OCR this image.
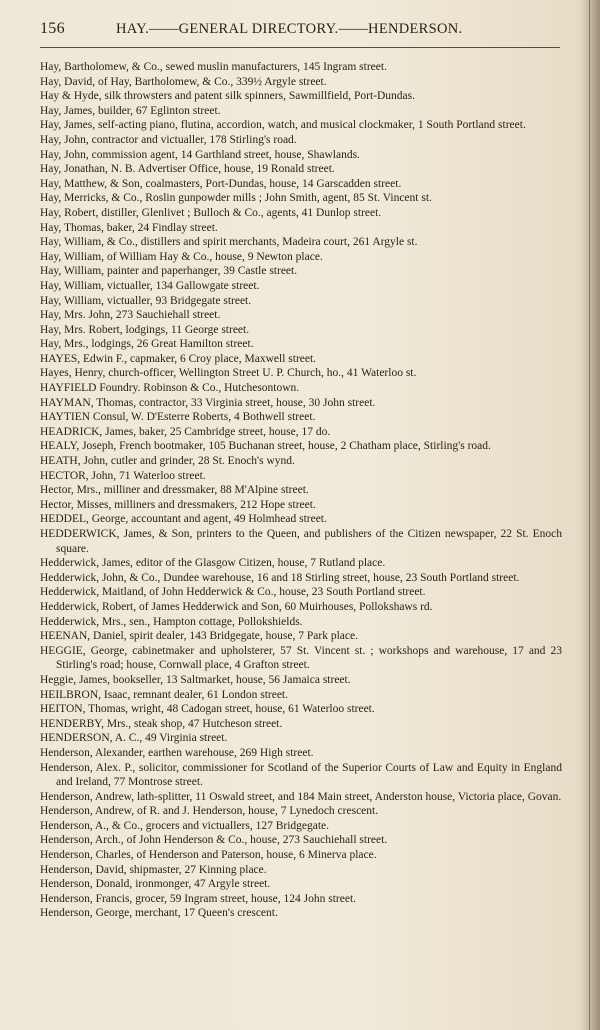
156	HAY.——GENERAL DIRECTORY.——HENDERSON.
Hay, Bartholomew, & Co., sewed muslin manufacturers, 145 Ingram street.
Hay, David, of Hay, Bartholomew, & Co., 339½ Argyle street.
Hay & Hyde, silk throwsters and patent silk spinners, Sawmillfield, Port-Dundas.
Hay, James, builder, 67 Eglinton street.
Hay, James, self-acting piano, flutina, accordion, watch, and musical clockmaker, 1 South Portland street.
Hay, John, contractor and victualler, 178 Stirling's road.
Hay, John, commission agent, 14 Garthland street, house, Shawlands.
Hay, Jonathan, N. B. Advertiser Office, house, 19 Ronald street.
Hay, Matthew, & Son, coalmasters, Port-Dundas, house, 14 Garscadden street.
Hay, Merricks, & Co., Roslin gunpowder mills ; John Smith, agent, 85 St. Vincent st.
Hay, Robert, distiller, Glenlivet ; Bulloch & Co., agents, 41 Dunlop street.
Hay, Thomas, baker, 24 Findlay street.
Hay, William, & Co., distillers and spirit merchants, Madeira court, 261 Argyle st.
Hay, William, of William Hay & Co., house, 9 Newton place.
Hay, William, painter and paperhanger, 39 Castle street.
Hay, William, victualler, 134 Gallowgate street.
Hay, William, victualler, 93 Bridgegate street.
Hay, Mrs. John, 273 Sauchiehall street.
Hay, Mrs. Robert, lodgings, 11 George street.
Hay, Mrs., lodgings, 26 Great Hamilton street.
HAYES, Edwin F., capmaker, 6 Croy place, Maxwell street.
Hayes, Henry, church-officer, Wellington Street U. P. Church, ho., 41 Waterloo st.
HAYFIELD Foundry. Robinson & Co., Hutchesontown.
HAYMAN, Thomas, contractor, 33 Virginia street, house, 30 John street.
HAYTIEN Consul, W. D'Esterre Roberts, 4 Bothwell street.
HEADRICK, James, baker, 25 Cambridge street, house, 17 do.
HEALY, Joseph, French bootmaker, 105 Buchanan street, house, 2 Chatham place, Stirling's road.
HEATH, John, cutler and grinder, 28 St. Enoch's wynd.
HECTOR, John, 71 Waterloo street.
Hector, Mrs., milliner and dressmaker, 88 M'Alpine street.
Hector, Misses, milliners and dressmakers, 212 Hope street.
HEDDEL, George, accountant and agent, 49 Holmhead street.
HEDDERWICK, James, & Son, printers to the Queen, and publishers of the Citizen newspaper, 22 St. Enoch square.
Hedderwick, James, editor of the Glasgow Citizen, house, 7 Rutland place.
Hedderwick, John, & Co., Dundee warehouse, 16 and 18 Stirling street, house, 23 South Portland street.
Hedderwick, Maitland, of John Hedderwick & Co., house, 23 South Portland street.
Hedderwick, Robert, of James Hedderwick and Son, 60 Muirhouses, Pollokshaws rd.
Hedderwick, Mrs., sen., Hampton cottage, Pollokshields.
HEENAN, Daniel, spirit dealer, 143 Bridgegate, house, 7 Park place.
HEGGIE, George, cabinetmaker and upholsterer, 57 St. Vincent st. ; workshops and warehouse, 17 and 23 Stirling's road; house, Cornwall place, 4 Grafton street.
Heggie, James, bookseller, 13 Saltmarket, house, 56 Jamaica street.
HEILBRON, Isaac, remnant dealer, 61 London street.
HEITON, Thomas, wright, 48 Cadogan street, house, 61 Waterloo street.
HENDERBY, Mrs., steak shop, 47 Hutcheson street.
HENDERSON, A. C., 49 Virginia street.
Henderson, Alexander, earthen warehouse, 269 High street.
Henderson, Alex. P., solicitor, commissioner for Scotland of the Superior Courts of Law and Equity in England and Ireland, 77 Montrose street.
Henderson, Andrew, lath-splitter, 11 Oswald street, and 184 Main street, Anderston house, Victoria place, Govan.
Henderson, Andrew, of R. and J. Henderson, house, 7 Lynedoch crescent.
Henderson, A., & Co., grocers and victuallers, 127 Bridgegate.
Henderson, Arch., of John Henderson & Co., house, 273 Sauchiehall street.
Henderson, Charles, of Henderson and Paterson, house, 6 Minerva place.
Henderson, David, shipmaster, 27 Kinning place.
Henderson, Donald, ironmonger, 47 Argyle street.
Henderson, Francis, grocer, 59 Ingram street, house, 124 John street.
Henderson, George, merchant, 17 Queen's crescent.
